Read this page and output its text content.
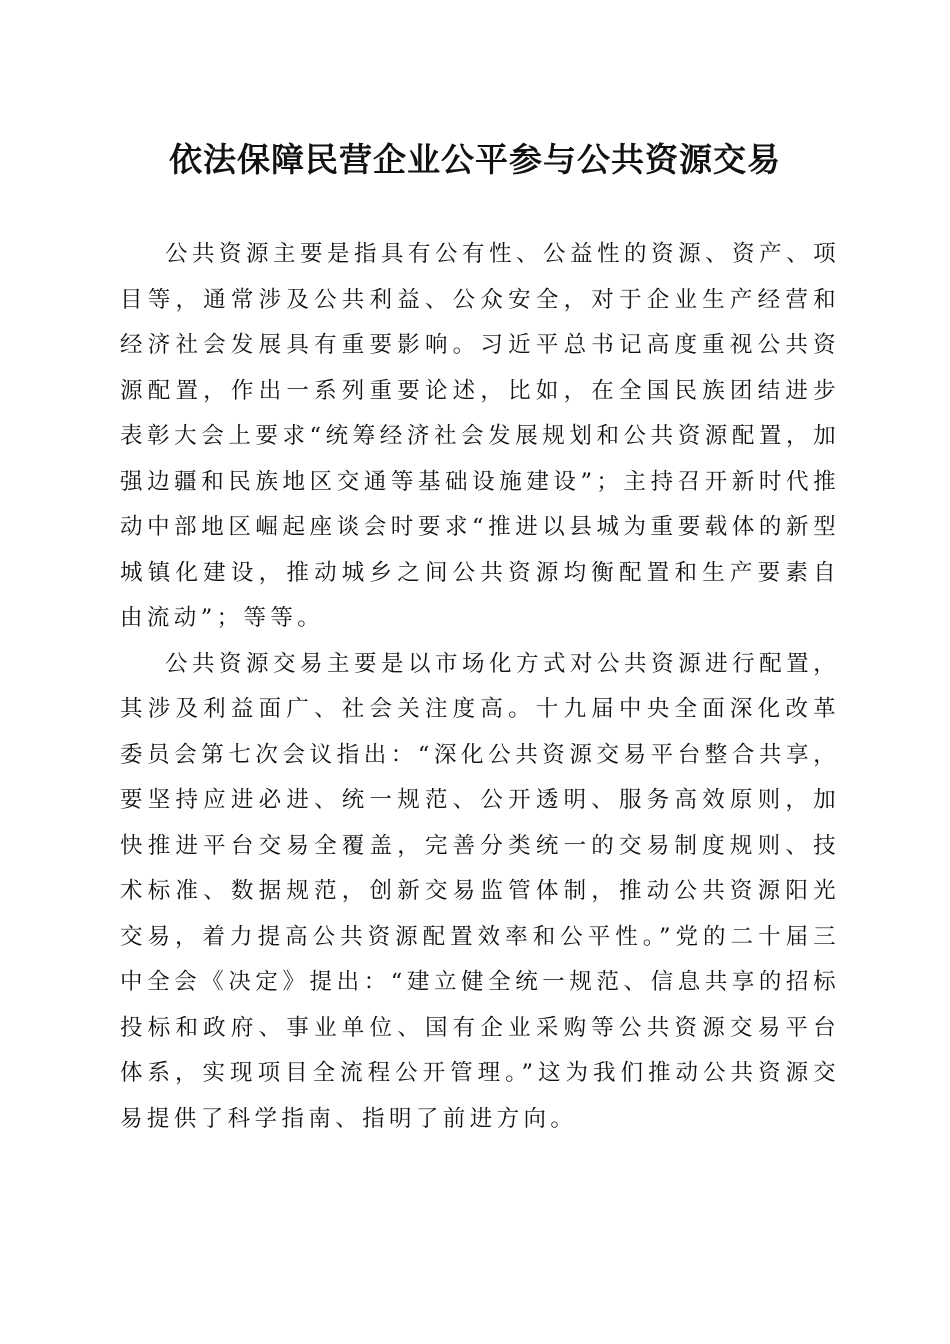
依法保障民营企业公平参与公共资源交易

公共资源主要是指具有公有性、公益性的资源、资产、项目等，通常涉及公共利益、公众安全，对于企业生产经营和经济社会发展具有重要影响。习近平总书记高度重视公共资源配置，作出一系列重要论述，比如，在全国民族团结进步表彰大会上要求“统筹经济社会发展规划和公共资源配置，加强边疆和民族地区交通等基础设施建设”；主持召开新时代推动中部地区崛起座谈会时要求“推进以县城为重要载体的新型城镇化建设，推动城乡之间公共资源均衡配置和生产要素自由流动”；等等。

公共资源交易主要是以市场化方式对公共资源进行配置，其涉及利益面广、社会关注度高。十九届中央全面深化改革委员会第七次会议指出：“深化公共资源交易平台整合共享，要坚持应进必进、统一规范、公开透明、服务高效原则，加快推进平台交易全覆盖，完善分类统一的交易制度规则、技术标准、数据规范，创新交易监管体制，推动公共资源阳光交易，着力提高公共资源配置效率和公平性。”党的二十届三中全会《决定》提出：“建立健全统一规范、信息共享的招标投标和政府、事业单位、国有企业采购等公共资源交易平台体系，实现项目全流程公开管理。”这为我们推动公共资源交易提供了科学指南、指明了前进方向。
